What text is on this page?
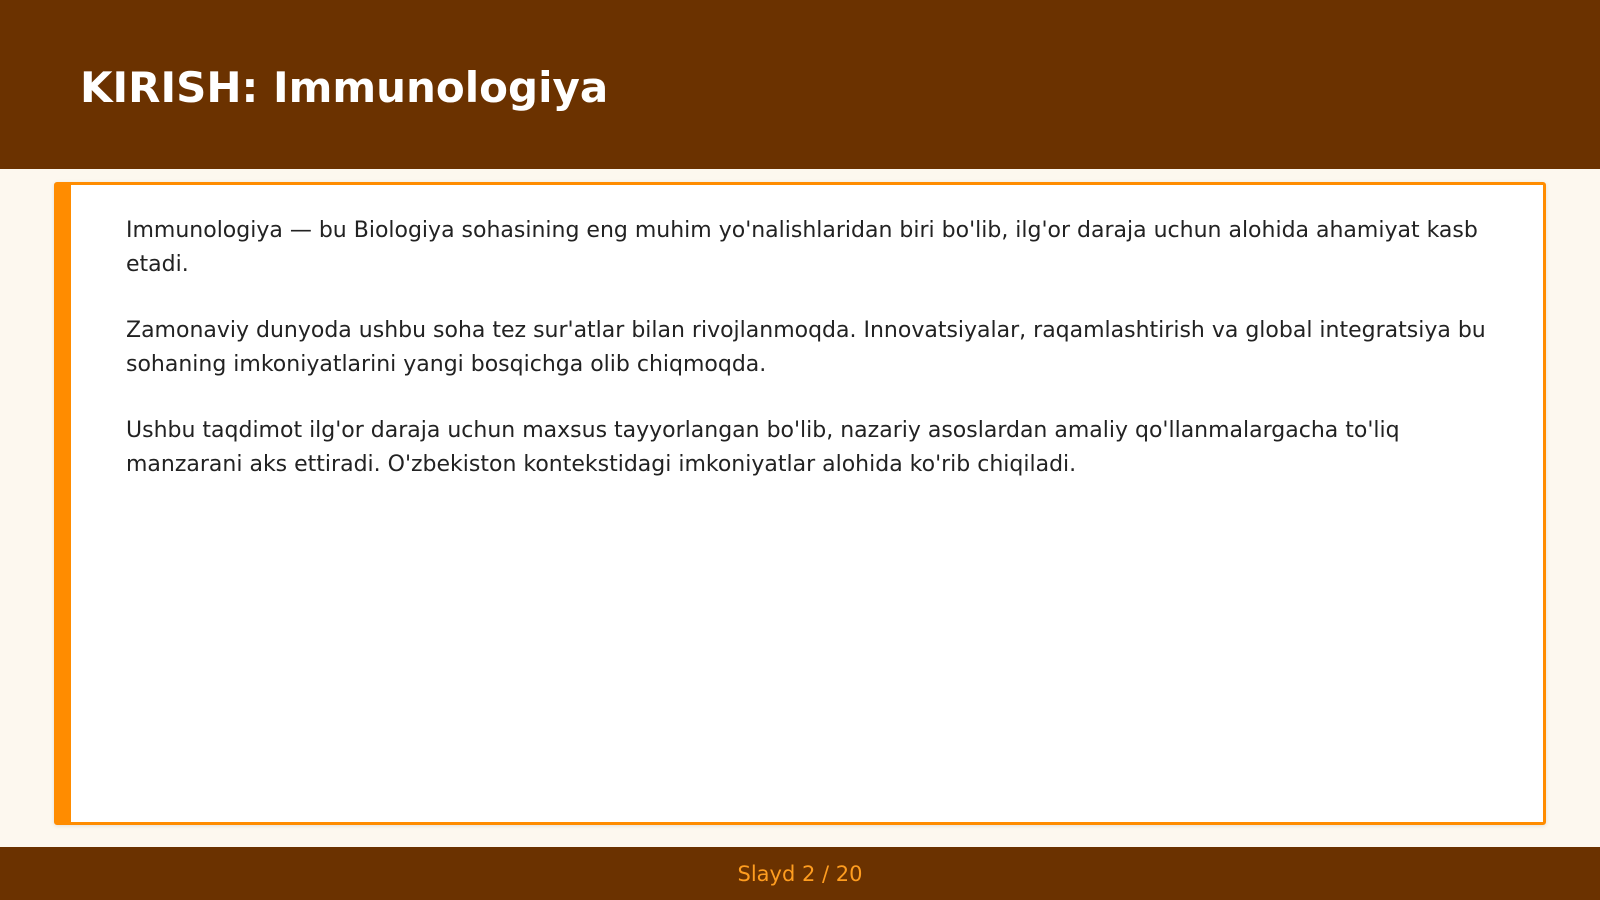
KIRISH: Immunologiya

Immunologiya — bu Biologiya sohasining eng muhim yo'nalishlaridan biri bo'lib, ilg'or daraja uchun alohida ahamiyat kasb etadi.

Zamonaviy dunyoda ushbu soha tez sur'atlar bilan rivojlanmoqda. Innovatsiyalar, raqamlashtirish va global integratsiya bu sohaning imkoniyatlarini yangi bosqichga olib chiqmoqda.

Ushbu taqdimot ilg'or daraja uchun maxsus tayyorlangan bo'lib, nazariy asoslardan amaliy qo'llanmalargacha to'liq manzarani aks ettiradi. O'zbekiston kontekstidagi imkoniyatlar alohida ko'rib chiqiladi.

Slayd 2 / 20
